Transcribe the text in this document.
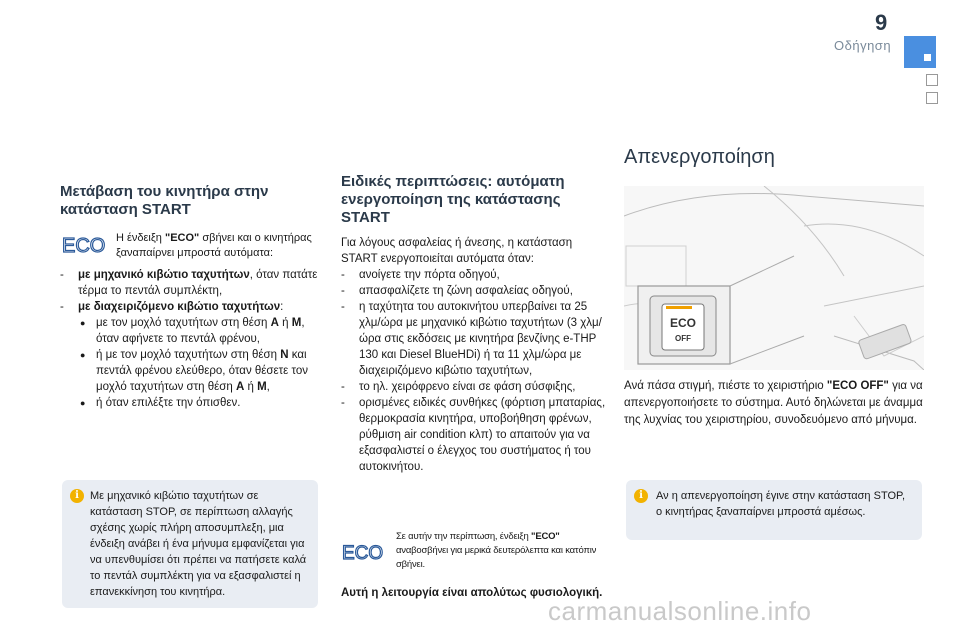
9
Οδήγηση
Μετάβαση του κινητήρα στην κατάσταση START
ECO Η ένδειξη "ECO" σβήνει και ο κινητήρας ξαναπαίρνει μπροστά αυτόματα:
- με μηχανικό κιβώτιο ταχυτήτων, όταν πατάτε τέρμα το πεντάλ συμπλέκτη,
- με διαχειριζόμενο κιβώτιο ταχυτήτων:
● με τον μοχλό ταχυτήτων στη θέση A ή M, όταν αφήνετε το πεντάλ φρένου,
● ή με τον μοχλό ταχυτήτων στη θέση N και πεντάλ φρένου ελεύθερο, όταν θέσετε τον μοχλό ταχυτήτων στη θέση A ή M,
● ή όταν επιλέξτε την όπισθεν.
i	Με μηχανικό κιβώτιο ταχυτήτων σε κατάσταση STOP, σε περίπτωση αλλαγής σχέσης χωρίς πλήρη αποσυμπλεξη, μια ένδειξη ανάβει ή ένα μήνυμα εμφανίζεται για να υπενθυμίσει ότι πρέπει να πατήσετε καλά το πεντάλ συμπλέκτη για να εξασφαλιστεί η επανεκκίνηση του κινητήρα.
Ειδικές περιπτώσεις: αυτόματη ενεργοποίηση της κατάστασης START

Για λόγους ασφαλείας ή άνεσης, η κατάσταση START ενεργοποιείται αυτόματα όταν:

- ανοίγετε την πόρτα οδηγού,
- απασφαλίζετε τη ζώνη ασφαλείας οδηγού,
- η ταχύτητα του αυτοκινήτου υπερβαίνει τα 25 χλμ/ώρα με μηχανικό κιβώτιο ταχυτήτων (3 χλμ/ώρα στις εκδόσεις με κινητήρα βενζίνης e-THP 130 και Diesel BlueHDi) ή τα 11 χλμ/ώρα με διαχειριζόμενο κιβώτιο ταχυτήτων,
- το ηλ. χειρόφρενο είναι σε φάση σύσφιξης,
- ορισμένες ειδικές συνθήκες (φόρτιση μπαταρίας, θερμοκρασία κινητήρα, υποβοήθηση φρένων, ρύθμιση air condition κλπ) το απαιτούν για να εξασφαλιστεί ο έλεγχος του συστήματος ή του αυτοκινήτου.
ECO
Σε αυτήν την περίπτωση, ένδειξη "ECO" αναβοσβήνει για μερικά δευτερόλεπτα και κατόπιν σβήνει.
Αυτή η λειτουργία είναι απολύτως φυσιολογική.
Απενεργοποίηση
ECO
OFF
Ανά πάσα στιγμή, πιέστε το χειριστήριο "ECO OFF" για να απενεργοποιήσετε το σύστημα. Αυτό δηλώνεται με άναμμα της λυχνίας του χειριστηρίου, συνοδευόμενο από μήνυμα.
i	Αν η απενεργοποίηση έγινε στην κατάσταση STOP, ο κινητήρας ξαναπαίρνει μπροστά αμέσως.
carmanualsonline.info
